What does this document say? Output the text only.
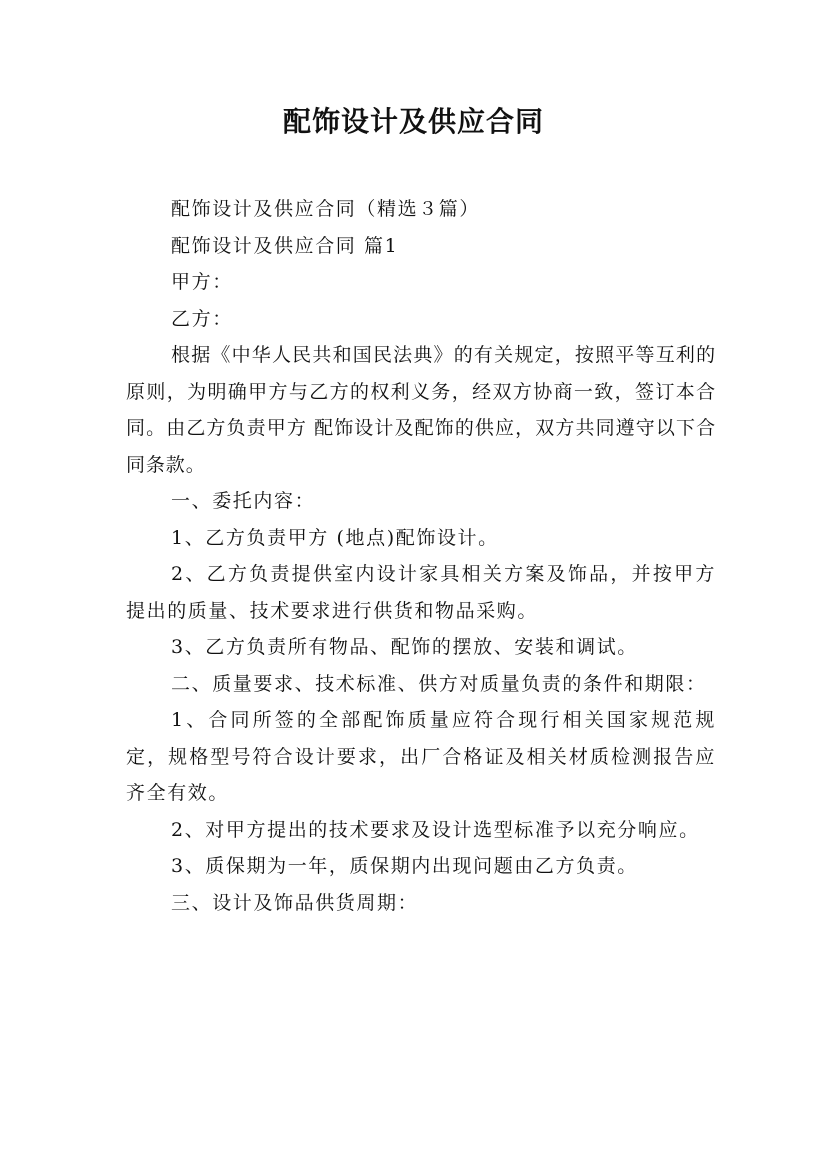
配饰设计及供应合同

配饰设计及供应合同（精选３篇）

配饰设计及供应合同 篇1

甲方：

乙方：

根据《中华人民共和国民法典》的有关规定，按照平等互利的原则，为明确甲方与乙方的权利义务，经双方协商一致，签订本合同。由乙方负责甲方 配饰设计及配饰的供应，双方共同遵守以下合同条款。

一、委托内容：

1、乙方负责甲方 (地点)配饰设计。

2、乙方负责提供室内设计家具相关方案及饰品，并按甲方提出的质量、技术要求进行供货和物品采购。

3、乙方负责所有物品、配饰的摆放、安装和调试。

二、质量要求、技术标准、供方对质量负责的条件和期限：

1、合同所签的全部配饰质量应符合现行相关国家规范规定，规格型号符合设计要求，出厂合格证及相关材质检测报告应齐全有效。

2、对甲方提出的技术要求及设计选型标准予以充分响应。

3、质保期为一年，质保期内出现问题由乙方负责。

三、设计及饰品供货周期：
